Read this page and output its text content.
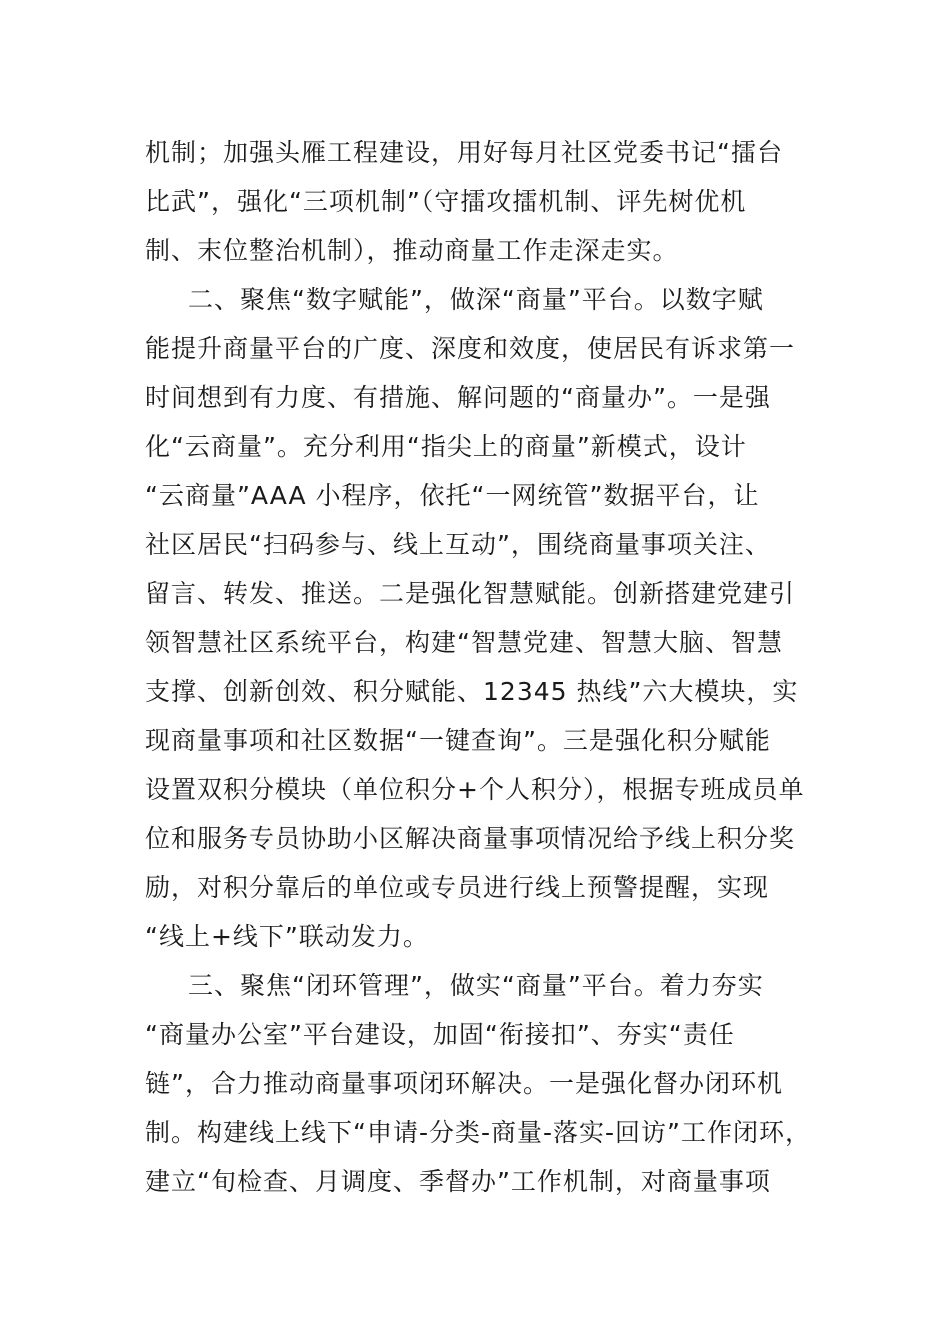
机制；加强头雁工程建设，用好每月社区党委书记“擂台
比武”，强化“三项机制”（守擂攻擂机制、评先树优机
制、末位整治机制），推动商量工作走深走实。
二、聚焦“数字赋能”，做深“商量”平台。以数字赋
能提升商量平台的广度、深度和效度，使居民有诉求第一
时间想到有力度、有措施、解问题的“商量办”。一是强
化“云商量”。充分利用“指尖上的商量”新模式，设计
“云商量”AAA 小程序，依托“一网统管”数据平台，让
社区居民“扫码参与、线上互动”，围绕商量事项关注、
留言、转发、推送。二是强化智慧赋能。创新搭建党建引
领智慧社区系统平台，构建“智慧党建、智慧大脑、智慧
支撑、创新创效、积分赋能、12345 热线”六大模块，实
现商量事项和社区数据“一键查询”。三是强化积分赋能
设置双积分模块（单位积分+个人积分），根据专班成员单
位和服务专员协助小区解决商量事项情况给予线上积分奖
励，对积分靠后的单位或专员进行线上预警提醒，实现
“线上+线下”联动发力。
三、聚焦“闭环管理”，做实“商量”平台。着力夯实
“商量办公室”平台建设，加固“衔接扣”、夯实“责任
链”，合力推动商量事项闭环解决。一是强化督办闭环机
制。构建线上线下“申请-分类-商量-落实-回访”工作闭环，
建立“旬检查、月调度、季督办”工作机制，对商量事项
